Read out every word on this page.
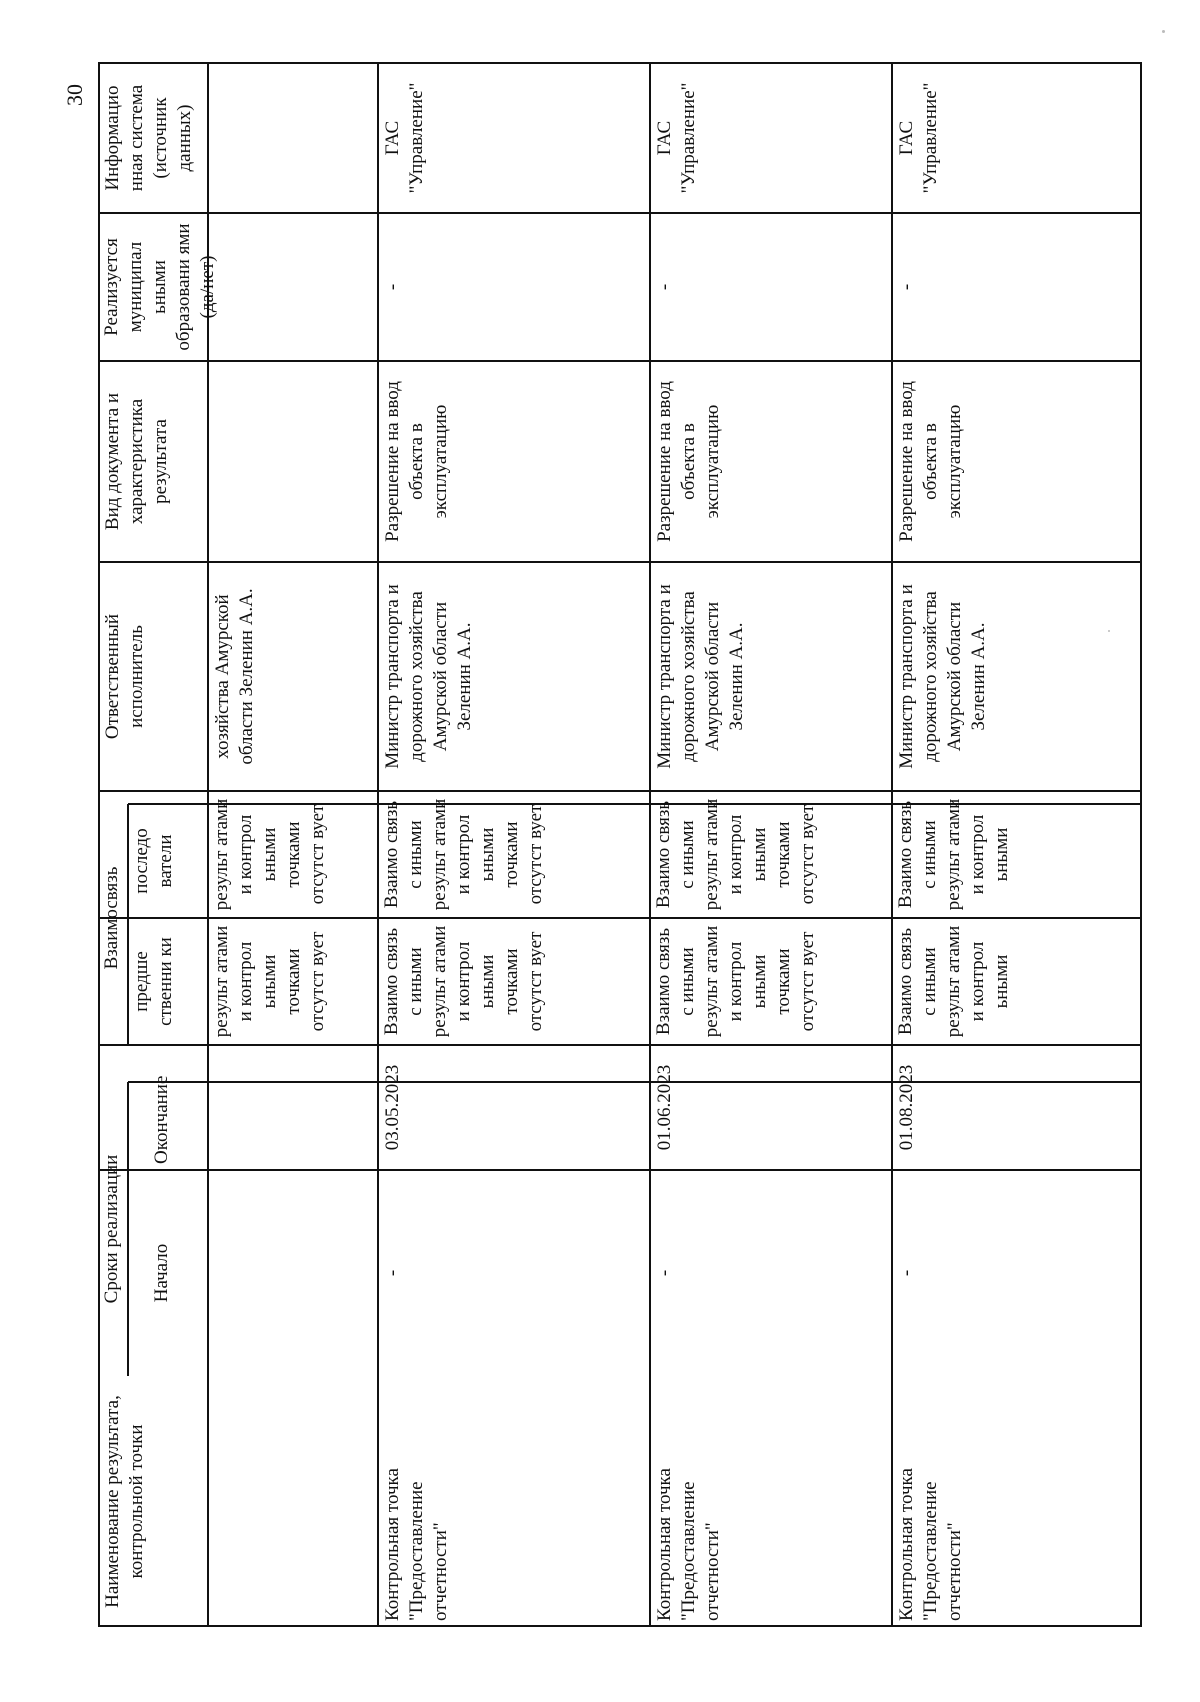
30 Информацио нная система (источник данных)
Реализуется муниципал ьными образовани ями (да/нет)
Вид документа и характеристика результата
Ответственный исполнитель
Взаимосвязь
последо ватели
предше ственни ки
Сроки реализации
Окончание
Начало
Наименование результата, контрольной точки
результ атами и контрол ьными точками отсутст вует
результ атами и контрол ьными точками отсутст вует
хозяйства Амурской области Зеленин А.А.
ГАС "Управление"
-
Разрешение на ввод объекта в эксплуатацию
Министр транспорта и дорожного хозяйства Амурской области Зеленин А.А.
Взаимо связь с иными результ атами и контрол ьными точками отсутст вует
Взаимо связь с иными результ атами и контрол ьными точками отсутст вует
03.05.2023
-
Контрольная точка "Предоставление отчетности"
ГАС "Управление"
-
Разрешение на ввод объекта в эксплуатацию
Министр транспорта и дорожного хозяйства Амурской области Зеленин А.А.
Взаимо связь с иными результ атами и контрол ьными точками отсутст вует
Взаимо связь с иными результ атами и контрол ьными точками отсутст вует
01.06.2023
-
Контрольная точка "Предоставление отчетности"
ГАС "Управление"
-
Разрешение на ввод объекта в эксплуатацию
Министр транспорта и дорожного хозяйства Амурской области Зеленин А.А.
Взаимо связь с иными результ атами и контрол ьными
Взаимо связь с иными результ атами и контрол ьными
01.08.2023
-
Контрольная точка "Предоставление отчетности"
